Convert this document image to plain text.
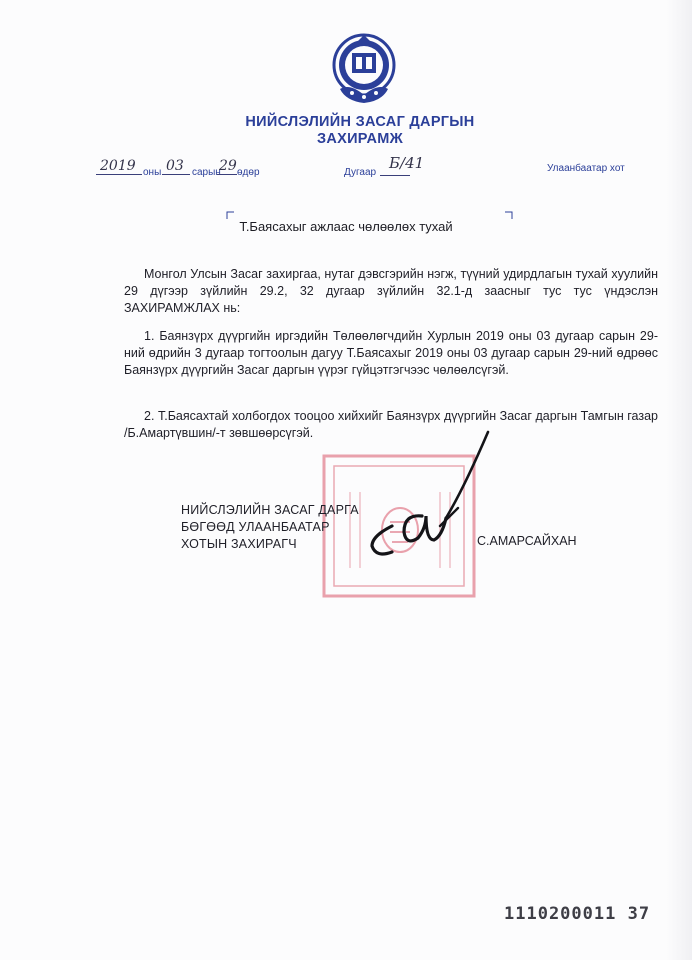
НИЙСЛЭЛИЙН ЗАСАГ ДАРГЫН
ЗАХИРАМЖ
2019 оны 03 сарын
29 өдөр	Дугаар
Б/41	Улаанбаатар хот
Т.Баясахыг ажлаас чөлөөлөх тухай
Монгол Улсын Засаг захиргаа, нутаг дэвсгэрийн нэгж, түүний удирдлагын тухай хуулийн 29 дүгээр зүйлийн 29.2, 32 дугаар зүйлийн 32.1-д заасныг тус тус үндэслэн ЗАХИРАМЖЛАХ нь:
1. Баянзүрх дүүргийн иргэдийн Төлөөлөгчдийн Хурлын 2019 оны 03 дугаар сарын 29-ний өдрийн 3 дугаар тогтоолын дагуу Т.Баясахыг 2019 оны 03 дугаар сарын 29-ний өдрөөс Баянзүрх дүүргийн Засаг даргын үүрэг гүйцэтгэгчээс чөлөөлсүгэй.
2. Т.Баясахтай холбогдох тооцоо хийхийг Баянзүрх дүүргийн Засаг даргын Тамгын газар /Б.Амартүвшин/-т зөвшөөрсүгэй.
НИЙСЛЭЛИЙН ЗАСАГ ДАРГА
БӨГӨӨД УЛААНБААТАР
ХОТЫН ЗАХИРАГЧ	С.АМАРСАЙХАН
1110200011 37
